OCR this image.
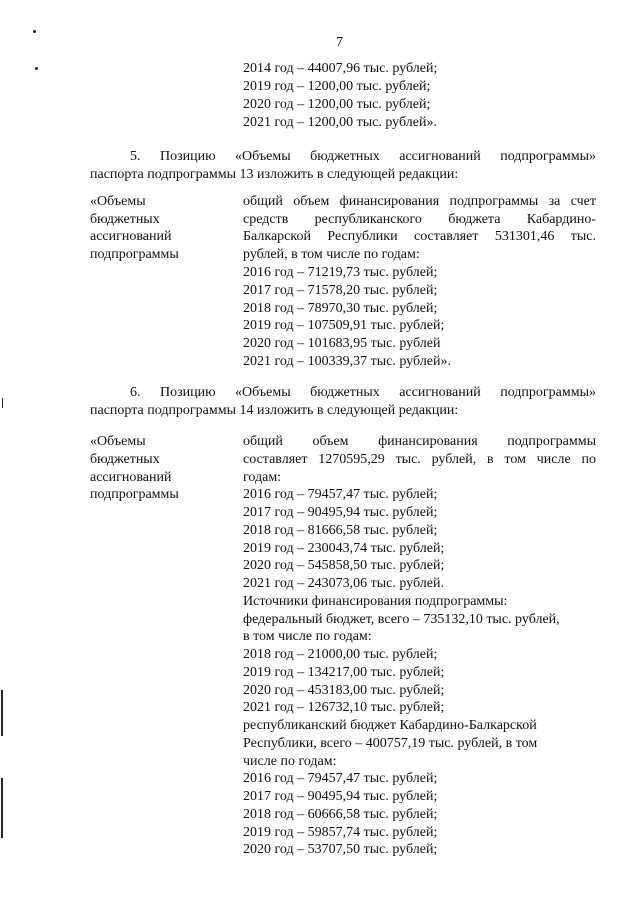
7
2014 год – 44007,96 тыс. рублей;
2019 год – 1200,00 тыс. рублей;
2020 год – 1200,00 тыс. рублей;
2021 год – 1200,00 тыс. рублей».
5. Позицию «Объемы бюджетных ассигнований подпрограммы»
паспорта подпрограммы 13 изложить в следующей редакции:
«Объемы
бюджетных
ассигнований
подпрограммы
общий объем финансирования подпрограммы за счет
средств республиканского бюджета Кабардино-
Балкарской Республики составляет 531301,46 тыс.
рублей, в том числе по годам:
2016 год – 71219,73 тыс. рублей;
2017 год – 71578,20 тыс. рублей;
2018 год – 78970,30 тыс. рублей;
2019 год – 107509,91 тыс. рублей;
2020 год – 101683,95 тыс. рублей
2021 год – 100339,37 тыс. рублей».
6. Позицию «Объемы бюджетных ассигнований подпрограммы»
паспорта подпрограммы 14 изложить в следующей редакции:
«Объемы
бюджетных
ассигнований
подпрограммы
общий объем финансирования подпрограммы
составляет 1270595,29 тыс. рублей, в том числе по
годам:
2016 год – 79457,47 тыс. рублей;
2017 год – 90495,94 тыс. рублей;
2018 год – 81666,58 тыс. рублей;
2019 год – 230043,74 тыс. рублей;
2020 год – 545858,50 тыс. рублей;
2021 год – 243073,06 тыс. рублей.
Источники финансирования подпрограммы:
федеральный бюджет, всего – 735132,10 тыс. рублей,
в том числе по годам:
2018 год – 21000,00 тыс. рублей;
2019 год – 134217,00 тыс. рублей;
2020 год – 453183,00 тыс. рублей;
2021 год – 126732,10 тыс. рублей;
республиканский бюджет Кабардино-Балкарской
Республики, всего – 400757,19 тыс. рублей, в том
числе по годам:
2016 год – 79457,47 тыс. рублей;
2017 год – 90495,94 тыс. рублей;
2018 год – 60666,58 тыс. рублей;
2019 год – 59857,74 тыс. рублей;
2020 год – 53707,50 тыс. рублей;
